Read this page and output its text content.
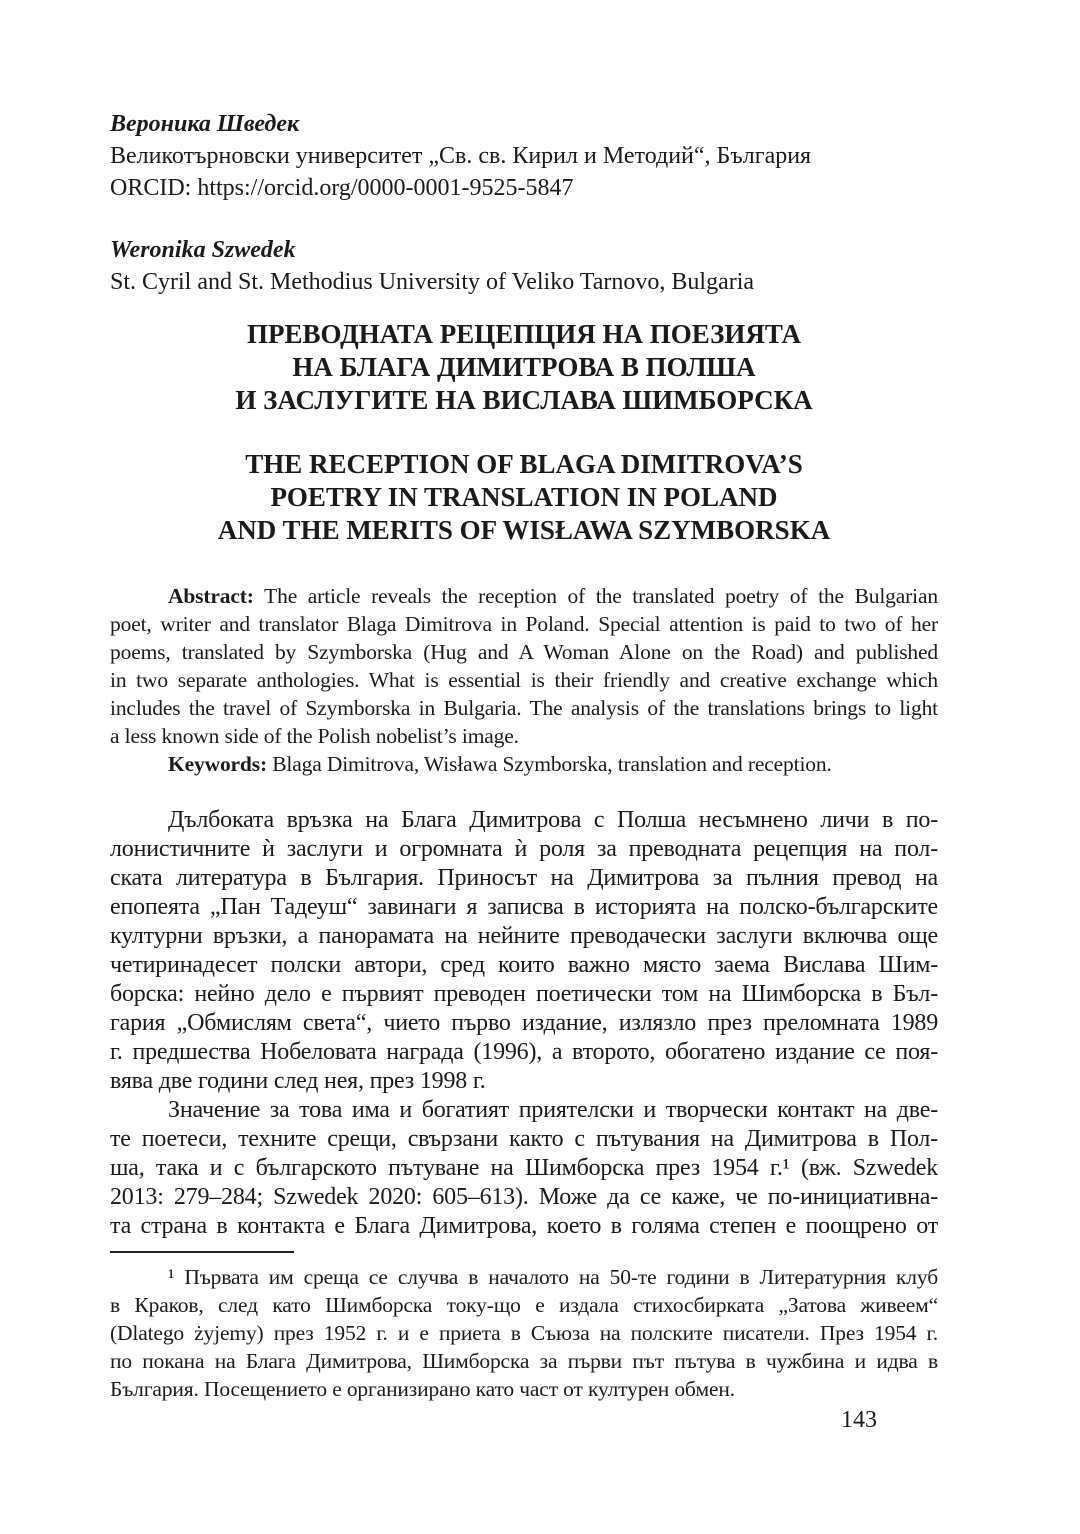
Вероника Шведек
Великотърновски университет „Св. св. Кирил и Методий“, България
ORCID: https://orcid.org/0000-0001-9525-5847
Weronika Szwedek
St. Cyril and St. Methodius University of Veliko Tarnovo, Bulgaria
ПРЕВОДНАТА РЕЦЕПЦИЯ НА ПОЕЗИЯТА
НА БЛАГА ДИМИТРОВА В ПОЛША
И ЗАСЛУГИТЕ НА ВИСЛАВА ШИМБОРСКА
THE RECEPTION OF BLAGA DIMITROVA’S
POETRY IN TRANSLATION IN POLAND
AND THE MERITS OF WISŁAWA SZYMBORSKA
Abstract: The article reveals the reception of the translated poetry of the Bulgarian
poet, writer and translator Blaga Dimitrova in Poland. Special attention is paid to two of her
poems, translated by Szymborska (Hug and A Woman Alone on the Road) and published
in two separate anthologies. What is essential is their friendly and creative exchange which
includes the travel of Szymborska in Bulgaria. The analysis of the translations brings to light
a less known side of the Polish nobelist’s image.
Keywords: Blaga Dimitrova, Wisława Szymborska, translation and reception.
Дълбоката връзка на Блага Димитрова с Полша несъмнено личи в по-
лонистичните ѝ заслуги и огромната ѝ роля за преводната рецепция на пол-
ската литература в България. Приносът на Димитрова за пълния превод на
епопеята „Пан Тадеуш“ завинаги я записва в историята на полско-българските
културни връзки, а панорамата на нейните преводачески заслуги включва още
четиринадесет полски автори, сред които важно място заема Вислава Шим-
борска: нейно дело е първият преводен поетически том на Шимборска в Бъл-
гария „Обмислям света“, чието първо издание, излязло през преломната 1989
г. предшества Нобеловата награда (1996), а второто, обогатено издание се поя-
вява две години след нея, през 1998 г.
Значение за това има и богатият приятелски и творчески контакт на две-
те поетеси, техните срещи, свързани както с пътувания на Димитрова в Пол-
ша, така и с българското пътуване на Шимборска през 1954 г.¹ (вж. Szwedek
2013: 279–284; Szwedek 2020: 605–613). Може да се каже, че по-инициативна-
та страна в контакта е Блага Димитрова, което в голяма степен е поощрено от
¹ Първата им среща се случва в началото на 50-те години в Литературния клуб
в Краков, след като Шимборска току-що е издала стихосбирката „Затова живеем“
(Dlatego żyjemy) през 1952 г. и е приета в Съюза на полските писатели. През 1954 г.
по покана на Блага Димитрова, Шимборска за първи път пътува в чужбина и идва в
България. Посещението е организирано като част от културен обмен.
143
